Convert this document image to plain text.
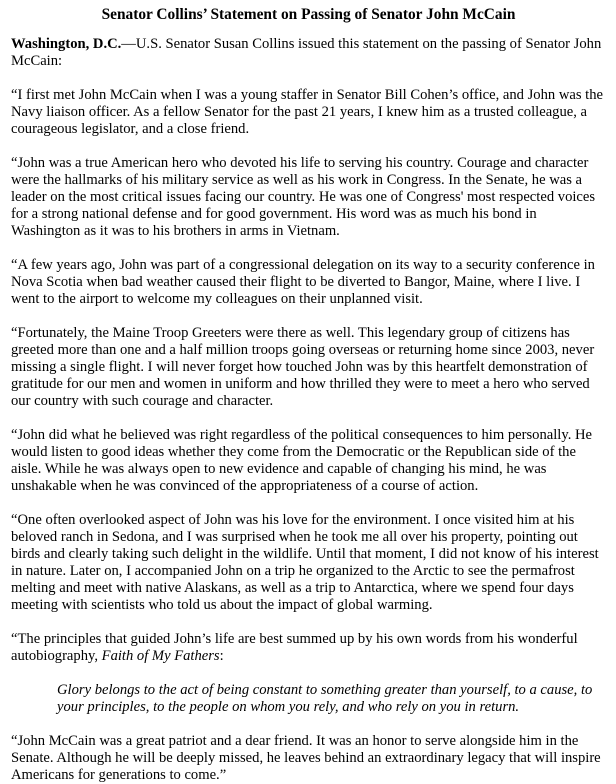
Senator Collins’ Statement on Passing of Senator John McCain

Washington, D.C.—U.S. Senator Susan Collins issued this statement on the passing of Senator John McCain:

“I first met John McCain when I was a young staffer in Senator Bill Cohen’s office, and John was the Navy liaison officer. As a fellow Senator for the past 21 years, I knew him as a trusted colleague, a courageous legislator, and a close friend.

“John was a true American hero who devoted his life to serving his country. Courage and character were the hallmarks of his military service as well as his work in Congress. In the Senate, he was a leader on the most critical issues facing our country. He was one of Congress' most respected voices for a strong national defense and for good government. His word was as much his bond in Washington as it was to his brothers in arms in Vietnam.

“A few years ago, John was part of a congressional delegation on its way to a security conference in Nova Scotia when bad weather caused their flight to be diverted to Bangor, Maine, where I live. I went to the airport to welcome my colleagues on their unplanned visit.

“Fortunately, the Maine Troop Greeters were there as well. This legendary group of citizens has greeted more than one and a half million troops going overseas or returning home since 2003, never missing a single flight. I will never forget how touched John was by this heartfelt demonstration of gratitude for our men and women in uniform and how thrilled they were to meet a hero who served our country with such courage and character.

“John did what he believed was right regardless of the political consequences to him personally. He would listen to good ideas whether they come from the Democratic or the Republican side of the aisle. While he was always open to new evidence and capable of changing his mind, he was unshakable when he was convinced of the appropriateness of a course of action.

“One often overlooked aspect of John was his love for the environment. I once visited him at his beloved ranch in Sedona, and I was surprised when he took me all over his property, pointing out birds and clearly taking such delight in the wildlife. Until that moment, I did not know of his interest in nature. Later on, I accompanied John on a trip he organized to the Arctic to see the permafrost melting and meet with native Alaskans, as well as a trip to Antarctica, where we spend four days meeting with scientists who told us about the impact of global warming.

“The principles that guided John’s life are best summed up by his own words from his wonderful autobiography, Faith of My Fathers:

Glory belongs to the act of being constant to something greater than yourself, to a cause, to your principles, to the people on whom you rely, and who rely on you in return.

“John McCain was a great patriot and a dear friend. It was an honor to serve alongside him in the Senate. Although he will be deeply missed, he leaves behind an extraordinary legacy that will inspire Americans for generations to come.”
